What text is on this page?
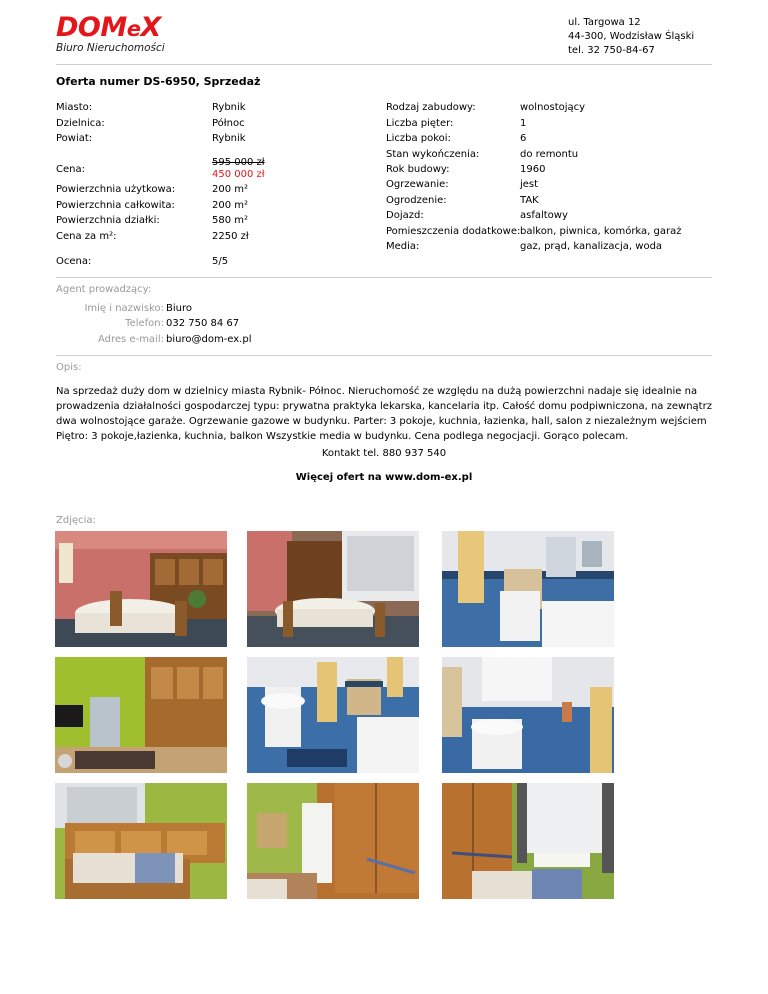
DOMeX
Biuro Nieruchomości
ul. Targowa 12
44-300, Wodzisław Śląski
tel. 32 750-84-67
Oferta numer DS-6950, Sprzedaż
Miasto:	Rybnik
Dzielnica:	Północ
Powiat:	Rybnik
Cena:
595 000 zł
450 000 zł
Powierzchnia użytkowa:	200 m²
Powierzchnia całkowita:	200 m²
Powierzchnia działki:	580 m²
Cena za m²:	2250 zł
Ocena:	5/5
Rodzaj zabudowy:	wolnostojący
Liczba pięter:	1
Liczba pokoi:	6
Stan wykończenia:	do remontu
Rok budowy:	1960
Ogrzewanie:	jest
Ogrodzenie:	TAK
Dojazd:	asfaltowy
Pomieszczenia dodatkowe: balkon, piwnica, komórka, garaż
Media:	gaz, prąd, kanalizacja, woda
Agent prowadzący:
Imię i nazwisko: Biuro
Telefon: 032 750 84 67
Adres e-mail: biuro@dom-ex.pl
Opis:
Na sprzedaż duży dom w dzielnicy miasta Rybnik- Północ. Nieruchomość ze względu na dużą powierzchni nadaje się idealnie na prowadzenia działalności gospodarczej typu: prywatna praktyka lekarska, kancelaria itp. Całość domu podpiwniczona, na zewnątrz dwa wolnostojące garaże. Ogrzewanie gazowe w budynku. Parter: 3 pokoje, kuchnia, łazienka, hall, salon z niezależnym wejściem Piętro: 3 pokoje,łazienka, kuchnia, balkon Wszystkie media w budynku. Cena podlega negocjacji. Gorąco polecam.
Kontakt tel. 880 937 540
Więcej ofert na www.dom-ex.pl
Zdjęcia:
